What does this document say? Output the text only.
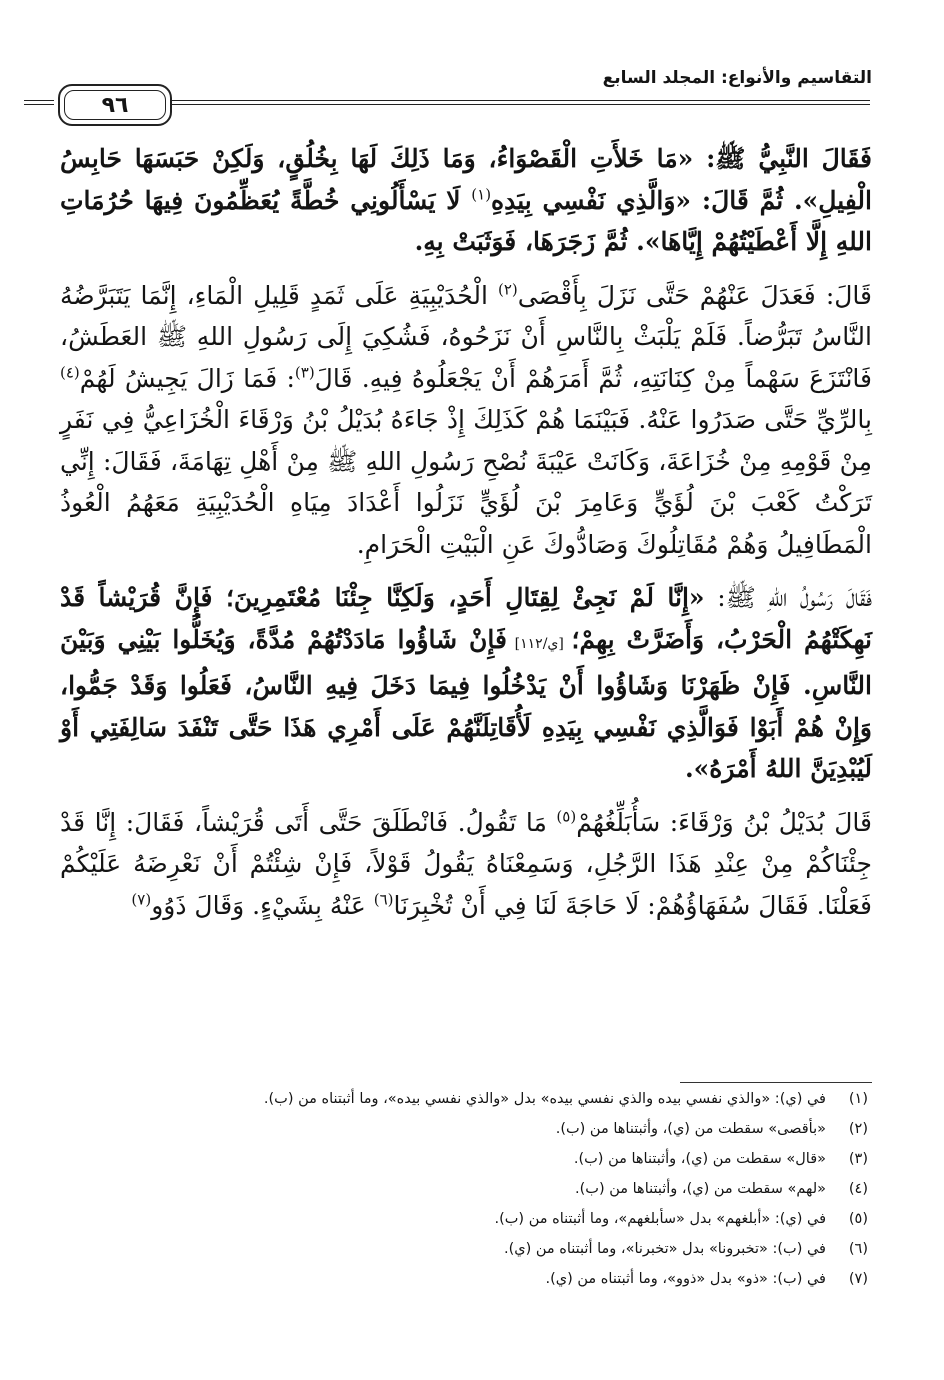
التقاسيم والأنواع: المجلد السابع
٩٦

فَقَالَ النَّبِيُّ ﷺ: «مَا خَلأَتِ الْقَصْوَاءُ، وَمَا ذَلِكَ لَهَا بِخُلُقٍ، وَلَكِنْ حَبَسَهَا حَابِسُ الْفِيلِ». ثُمَّ قَالَ: «وَالَّذِي نَفْسِي بِيَدِهِ$^{(١)}$ لَا يَسْأَلُونِي خُطَّةً يُعَظِّمُونَ فِيهَا حُرُمَاتِ اللهِ إِلَّا أَعْطَيْتُهُمْ إِيَّاهَا». ثُمَّ زَجَرَهَا، فَوَثَبَتْ بِهِ.

قَالَ: فَعَدَلَ عَنْهُمْ حَتَّى نَزَلَ بِأَقْصَى$^{(٢)}$ الْحُدَيْبِيَةِ عَلَى ثَمَدٍ قَلِيلِ الْمَاءِ، إِنَّمَا يَتَبَرَّضُهُ النَّاسُ تَبَرُّضاً. فَلَمْ يَلْبَثْ بِالنَّاسِ أَنْ نَزَحُوهُ، فَشُكِيَ إِلَى رَسُولِ اللهِ ﷺ العَطَشُ، فَانْتَزَعَ سَهْماً مِنْ كِنَانَتِهِ، ثُمَّ أَمَرَهُمْ أَنْ يَجْعَلُوهُ فِيهِ. قَالَ$^{(٣)}$: فَمَا زَالَ يَجِيشُ لَهُمْ$^{(٤)}$ بِالرِّيِّ حَتَّى صَدَرُوا عَنْهُ. فَبَيْنَمَا هُمْ كَذَلِكَ إِذْ جَاءَهُ بُدَيْلُ بْنُ وَرْقَاءَ الْخُزَاعِيُّ فِي نَفَرٍ مِنْ قَوْمِهِ مِنْ خُزَاعَةَ، وَكَانَتْ عَيْبَةَ نُصْحِ رَسُولِ اللهِ ﷺ مِنْ أَهْلِ تِهَامَةَ، فَقَالَ: إِنِّي تَرَكْتُ كَعْبَ بْنَ لُؤَيٍّ وَعَامِرَ بْنَ لُؤَيٍّ نَزَلُوا أَعْدَادَ مِيَاهِ الْحُدَيْبِيَةِ مَعَهُمُ الْعُوذُ الْمَطَافِيلُ وَهُمْ مُقَاتِلُوكَ وَصَادُّوكَ عَنِ الْبَيْتِ الْحَرَامِ.

فَقَالَ رَسُولُ اللهِ ﷺ: «إِنَّا لَمْ نَجِئْ لِقِتَالِ أَحَدٍ، وَلَكِنَّا جِئْنَا مُعْتَمِرِينَ؛ فَإِنَّ قُرَيْشاً قَدْ نَهِكَتْهُمُ الْحَرْبُ، وَأَضَرَّتْ بِهِمْ؛ [ي/١١٢] فَإِنْ شَاؤُوا مَادَدْتُهُمْ مُدَّةً، وَيُخَلُّوا بَيْنِي وَبَيْنَ النَّاسِ. فَإِنْ ظَهَرْنَا وَشَاؤُوا أَنْ يَدْخُلُوا فِيمَا دَخَلَ فِيهِ النَّاسُ، فَعَلُوا وَقَدْ جَمُّوا، وَإِنْ هُمْ أَبَوْا فَوَالَّذِي نَفْسِي بِيَدِهِ لَأُقَاتِلَنَّهُمْ عَلَى أَمْرِي هَذَا حَتَّى تَنْفَدَ سَالِفَتِي أَوْ لَيُبْدِيَنَّ اللهُ أَمْرَهُ».

قَالَ بُدَيْلُ بْنُ وَرْقَاءَ: سَأُبَلِّغُهُمْ$^{(٥)}$ مَا تَقُولُ. فَانْطَلَقَ حَتَّى أَتَى قُرَيْشاً، فَقَالَ: إِنَّا قَدْ جِئْنَاكُمْ مِنْ عِنْدِ هَذَا الرَّجُلِ، وَسَمِعْنَاهُ يَقُولُ قَوْلاً، فَإِنْ شِئْتُمْ أَنْ نَعْرِضَهُ عَلَيْكُمْ فَعَلْنَا. فَقَالَ سُفَهَاؤُهُمْ: لَا حَاجَةَ لَنَا فِي أَنْ تُخْبِرَنَا$^{(٦)}$ عَنْهُ بِشَيْءٍ. وَقَالَ ذَوُو$^{(٧)}$

(١)في (ي): «والذي نفسي بيده والذي نفسي بيده» بدل «والذي نفسي بيده»، وما أثبتناه من (ب).
(٢)«بأقصى» سقطت من (ي)، وأثبتناها من (ب).
(٣)«قال» سقطت من (ي)، وأثبتناها من (ب).
(٤)«لهم» سقطت من (ي)، وأثبتناها من (ب).
(٥)في (ي): «أبلغهم» بدل «سأبلغهم»، وما أثبتناه من (ب).
(٦)في (ب): «تخبرونا» بدل «تخبرنا»، وما أثبتناه من (ي).
(٧)في (ب): «ذو» بدل «ذوو»، وما أثبتناه من (ي).
